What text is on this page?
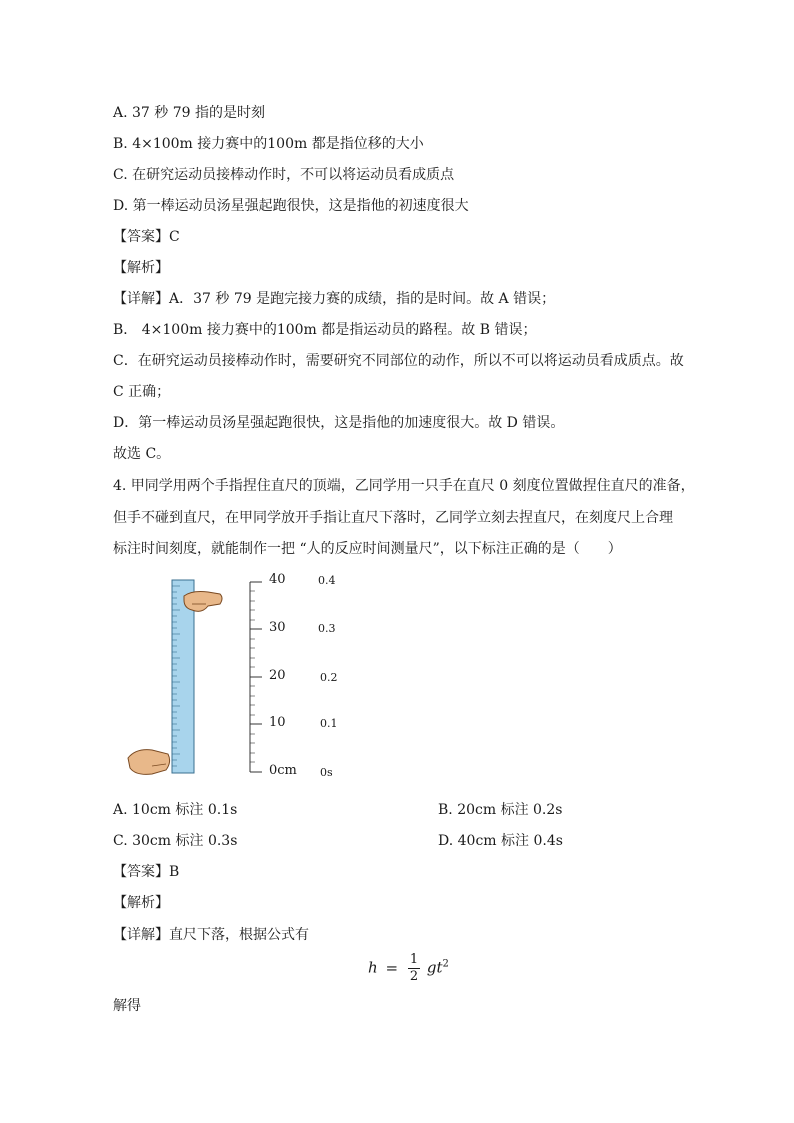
A. 37 秒 79 指的是时刻
B. 4×100m 接力赛中的100m 都是指位移的大小
C. 在研究运动员接棒动作时，不可以将运动员看成质点
D. 第一棒运动员汤星强起跑很快，这是指他的初速度很大
【答案】C
【解析】
【详解】A．37 秒 79 是跑完接力赛的成绩，指的是时间。故 A 错误；
B． 4×100m 接力赛中的100m 都是指运动员的路程。故 B 错误；
C．在研究运动员接棒动作时，需要研究不同部位的动作，所以不可以将运动员看成质点。故
C 正确；
D．第一棒运动员汤星强起跑很快，这是指他的加速度很大。故 D 错误。
故选 C。
4. 甲同学用两个手指捏住直尺的顶端，乙同学用一只手在直尺 0 刻度位置做捏住直尺的准备，
但手不碰到直尺，在甲同学放开手指让直尺下落时，乙同学立刻去捏直尺，在刻度尺上合理
标注时间刻度，就能制作一把 “人的反应时间测量尺”，以下标注正确的是（　　）
40
30
20
10
0cm
0.4
0.3
0.2
0.1
0s
A. 10cm 标注 0.1s	B. 20cm 标注 0.2s
C. 30cm 标注 0.3s	D. 40cm 标注 0.4s
【答案】B
【解析】
【详解】直尺下落，根据公式有
$h = \frac{1}{2} gt^2$
解得
